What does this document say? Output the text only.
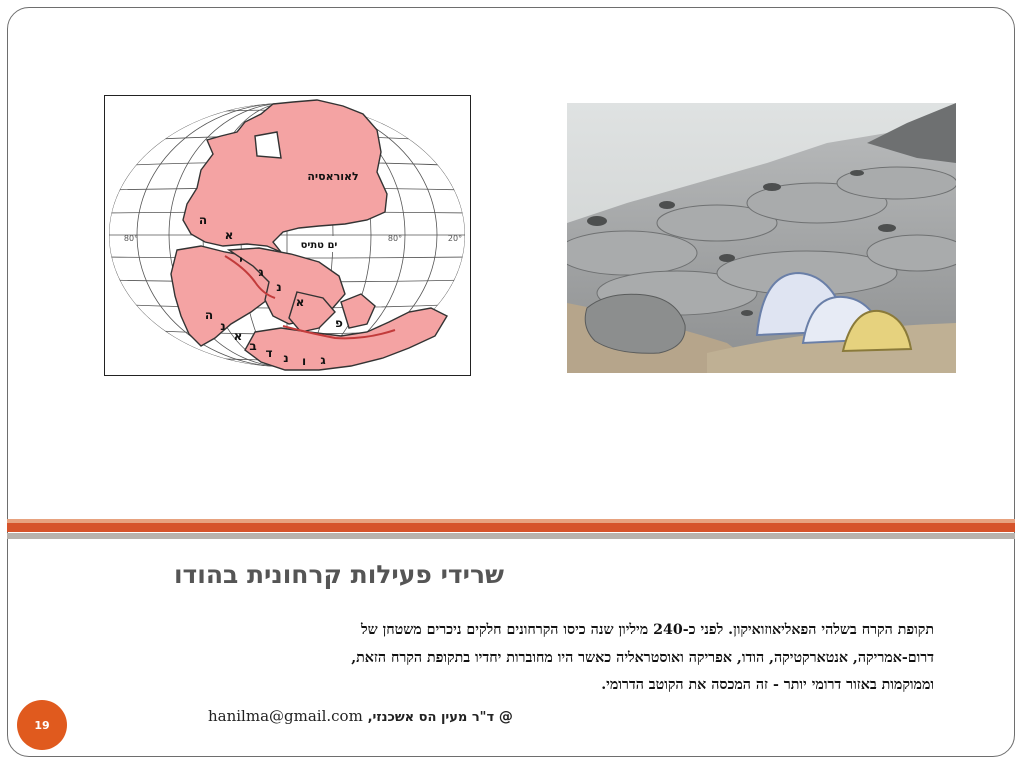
לאוראסיה
ים טתיס
ה
א
י
ג
נ
א
פ
ה
נ
א
ב ד נ ו ג
80°	80°	20°
שרידי פעילות קרחונית בהודו

תקופת הקרח בשלהי הפאליאוזואיקון. לפני כ-240 מיליון שנה כיסו הקרחונים חלקים ניכרים משטחן של

דרום-אמריקה, אנטארקטיקה, הודו, אפריקה ואוסטראליה כאשר היו מחוברות יחדיו בתקופת הקרח הזאת,

וממוקמות באזור דרומי יותר - זה המכסה את הקוטב הדרומי.

19	hanilma@gmail.com ד"ר מעין הס אשכנזי, @
